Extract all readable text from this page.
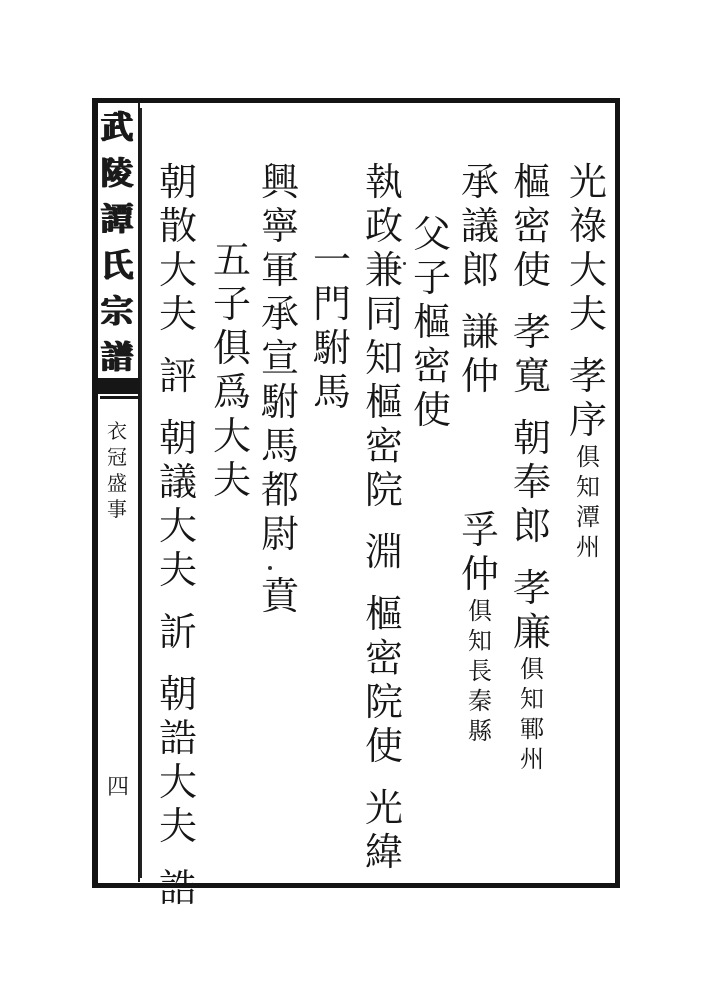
武
陵
譚
氏
宗
譜
衣
冠
盛
事
四
光
祿
大
夫
孝
序
俱
知
潭
州
樞
密
使
孝
寬
朝
奉
郎
孝
廉
俱
知
鄆
州
承
議
郎
謙
仲
孚
仲
俱
知
長
秦
縣
父
子
樞
密
使
執
政
兼
同
知
樞
密
院
淵
樞
密
院
使
光
緯
一
門
駙
馬
興
寧
軍
承
宣
駙
馬
都
尉
賁
五
子
俱
爲
大
夫
朝
散
大
夫
評
朝
議
大
夫
訢
朝
誥
大
夫
誥
